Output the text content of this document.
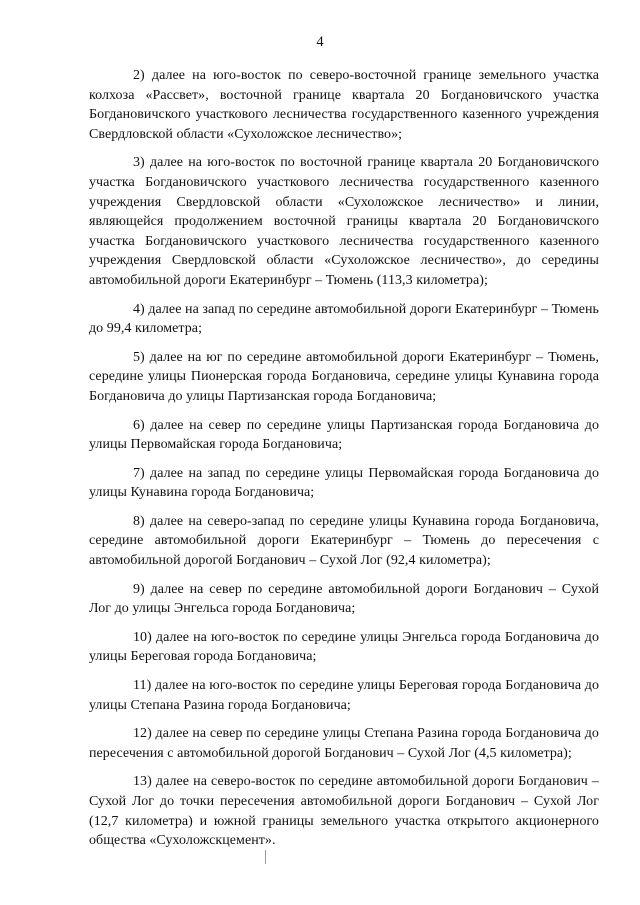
4

2) далее на юго-восток по северо-восточной границе земельного участка колхоза «Рассвет», восточной границе квартала 20 Богдановичского участка Богдановичского участкового лесничества государственного казенного учреждения Свердловской области «Сухоложское лесничество»;

3) далее на юго-восток по восточной границе квартала 20 Богдановичского участка Богдановичского участкового лесничества государственного казенного учреждения Свердловской области «Сухоложское лесничество» и линии, являющейся продолжением восточной границы квартала 20 Богдановичского участка Богдановичского участкового лесничества государственного казенного учреждения Свердловской области «Сухоложское лесничество», до середины автомобильной дороги Екатеринбург – Тюмень (113,3 километра);

4) далее на запад по середине автомобильной дороги Екатеринбург – Тюмень до 99,4 километра;

5) далее на юг по середине автомобильной дороги Екатеринбург – Тюмень, середине улицы Пионерская города Богдановича, середине улицы Кунавина города Богдановича до улицы Партизанская города Богдановича;

6) далее на север по середине улицы Партизанская города Богдановича до улицы Первомайская города Богдановича;

7) далее на запад по середине улицы Первомайская города Богдановича до улицы Кунавина города Богдановича;

8) далее на северо-запад по середине улицы Кунавина города Богдановича, середине автомобильной дороги Екатеринбург – Тюмень до пересечения с автомобильной дорогой Богданович – Сухой Лог (92,4 километра);

9) далее на север по середине автомобильной дороги Богданович – Сухой Лог до улицы Энгельса города Богдановича;

10) далее на юго-восток по середине улицы Энгельса города Богдановича до улицы Береговая города Богдановича;

11) далее на юго-восток по середине улицы Береговая города Богдановича до улицы Степана Разина города Богдановича;

12) далее на север по середине улицы Степана Разина города Богдановича до пересечения с автомобильной дорогой Богданович – Сухой Лог (4,5 километра);

13) далее на северо-восток по середине автомобильной дороги Богданович – Сухой Лог до точки пересечения автомобильной дороги Богданович – Сухой Лог (12,7 километра) и южной границы земельного участка открытого акционерного общества «Сухоложскцемент».
